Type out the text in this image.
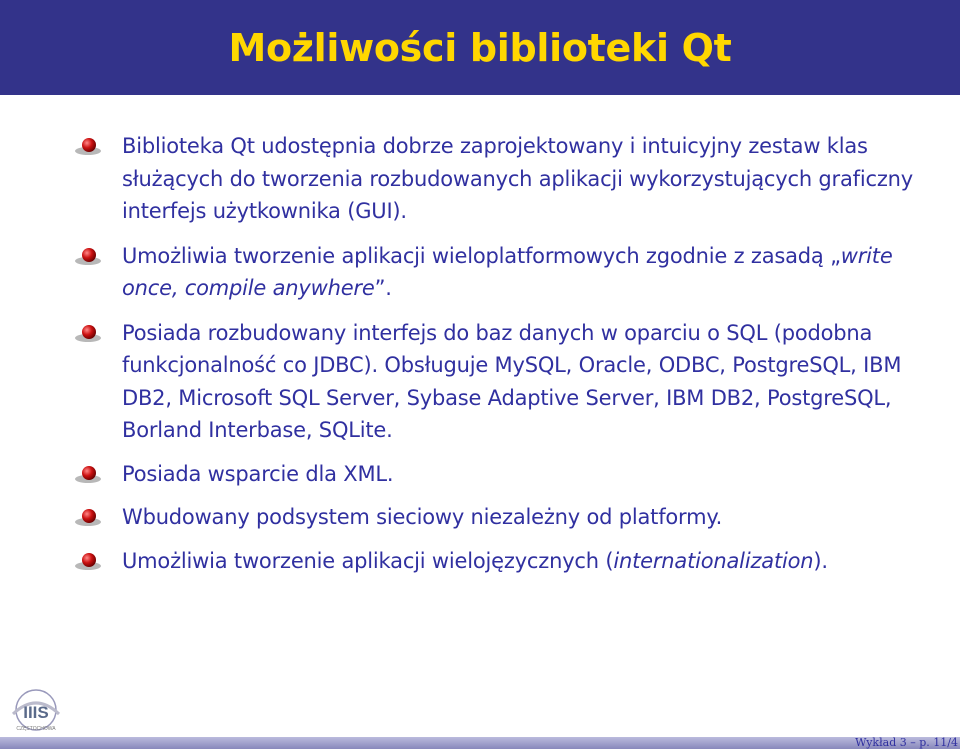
Możliwości biblioteki Qt
Biblioteka Qt udostępnia dobrze zaprojektowany i intuicyjny zestaw klas służących do tworzenia rozbudowanych aplikacji wykorzystujących graficzny interfejs użytkownika (GUI).
Umożliwia tworzenie aplikacji wieloplatformowych zgodnie z zasadą „write once, compile anywhere”.
Posiada rozbudowany interfejs do baz danych w oparciu o SQL (podobna funkcjonalność co JDBC). Obsługuje MySQL, Oracle, ODBC, PostgreSQL, IBM DB2, Microsoft SQL Server, Sybase Adaptive Server, IBM DB2, PostgreSQL, Borland Interbase, SQLite.
Posiada wsparcie dla XML.
Wbudowany podsystem sieciowy niezależny od platformy.
Umożliwia tworzenie aplikacji wielojęzycznych (internationalization).
IIIS
CZĘSTOCHOWA
Wykład 3 – p. 11/4
